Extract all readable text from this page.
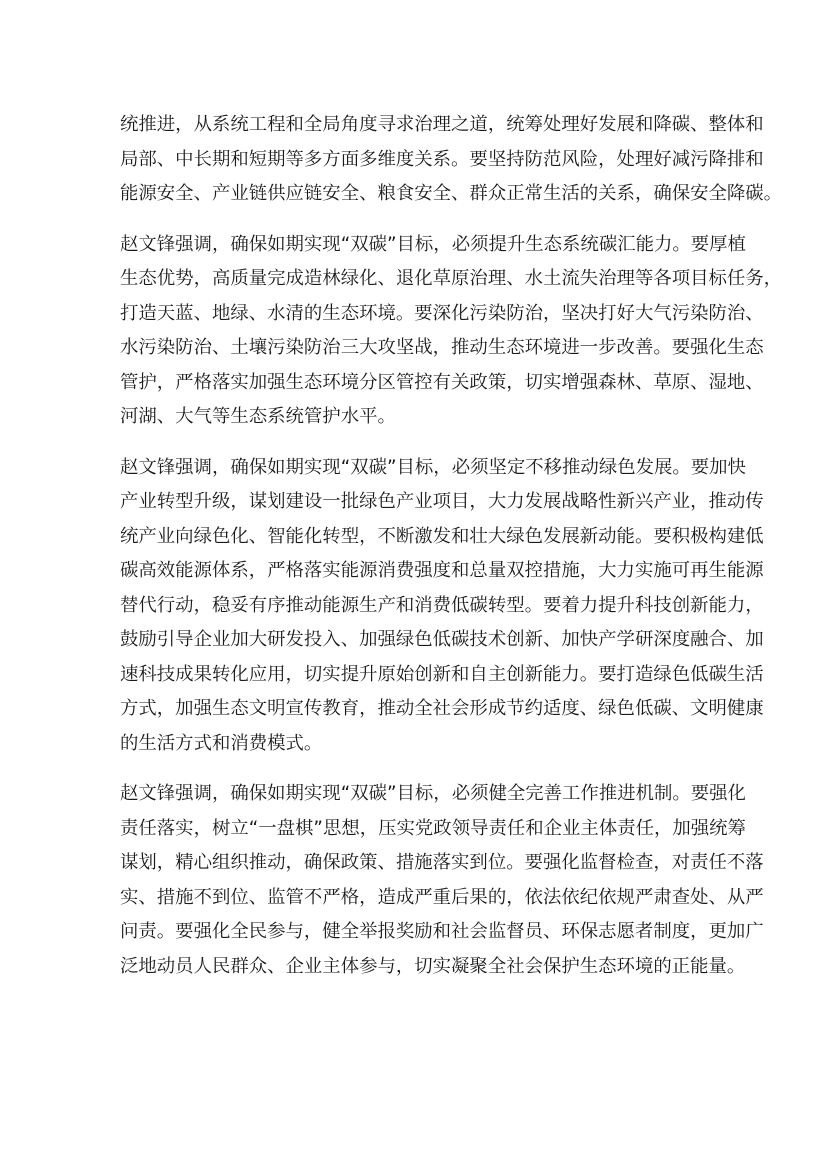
统推进，从系统工程和全局角度寻求治理之道，统筹处理好发展和降碳、整体和
局部、中长期和短期等多方面多维度关系。要坚持防范风险，处理好减污降排和
能源安全、产业链供应链安全、粮食安全、群众正常生活的关系，确保安全降碳。
赵文锋强调，确保如期实现“双碳”目标，必须提升生态系统碳汇能力。要厚植
生态优势，高质量完成造林绿化、退化草原治理、水土流失治理等各项目标任务，
打造天蓝、地绿、水清的生态环境。要深化污染防治，坚决打好大气污染防治、
水污染防治、土壤污染防治三大攻坚战，推动生态环境进一步改善。要强化生态
管护，严格落实加强生态环境分区管控有关政策，切实增强森林、草原、湿地、
河湖、大气等生态系统管护水平。
赵文锋强调，确保如期实现“双碳”目标，必须坚定不移推动绿色发展。要加快
产业转型升级，谋划建设一批绿色产业项目，大力发展战略性新兴产业，推动传
统产业向绿色化、智能化转型，不断激发和壮大绿色发展新动能。要积极构建低
碳高效能源体系，严格落实能源消费强度和总量双控措施，大力实施可再生能源
替代行动，稳妥有序推动能源生产和消费低碳转型。要着力提升科技创新能力，
鼓励引导企业加大研发投入、加强绿色低碳技术创新、加快产学研深度融合、加
速科技成果转化应用，切实提升原始创新和自主创新能力。要打造绿色低碳生活
方式，加强生态文明宣传教育，推动全社会形成节约适度、绿色低碳、文明健康
的生活方式和消费模式。
赵文锋强调，确保如期实现“双碳”目标，必须健全完善工作推进机制。要强化
责任落实，树立“一盘棋”思想，压实党政领导责任和企业主体责任，加强统筹
谋划，精心组织推动，确保政策、措施落实到位。要强化监督检查，对责任不落
实、措施不到位、监管不严格，造成严重后果的，依法依纪依规严肃查处、从严
问责。要强化全民参与，健全举报奖励和社会监督员、环保志愿者制度，更加广
泛地动员人民群众、企业主体参与，切实凝聚全社会保护生态环境的正能量。
